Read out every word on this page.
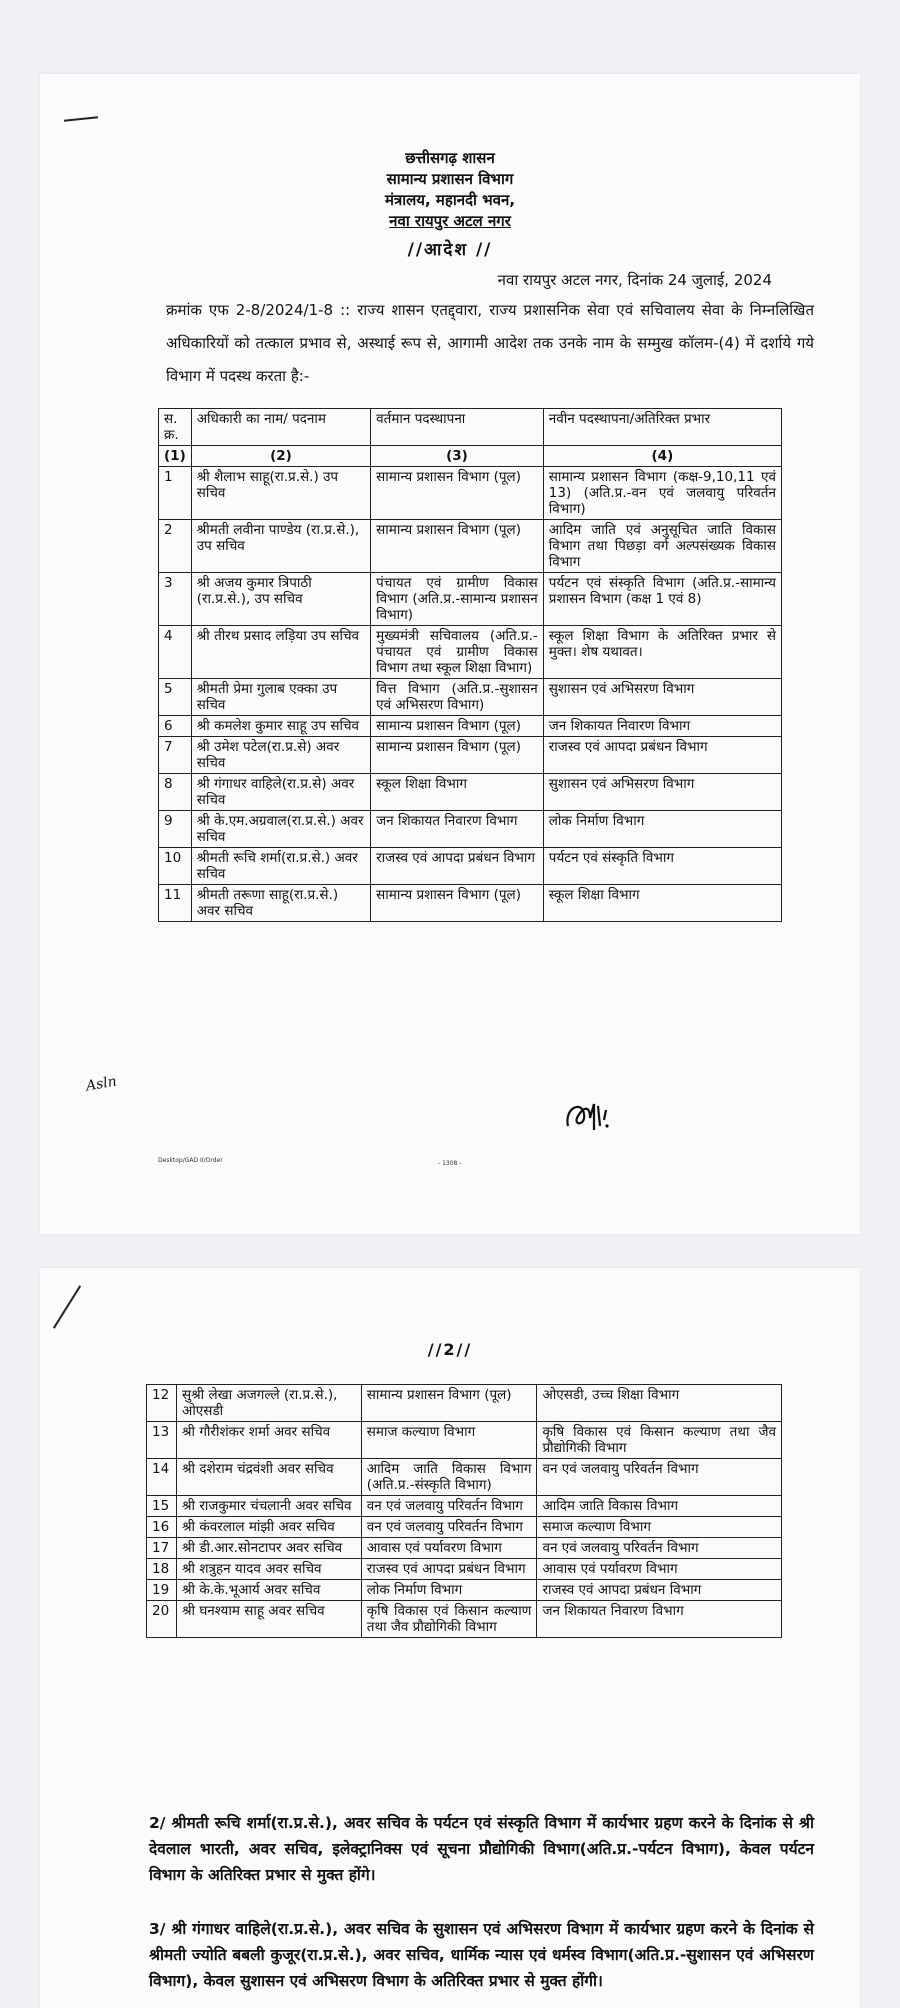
छत्तीसगढ़ शासन
सामान्य प्रशासन विभाग
मंत्रालय, महानदी भवन,
नवा रायपुर अटल नगर
//आदेश //
नवा रायपुर अटल नगर, दिनांक 24 जुलाई, 2024
क्रमांक एफ 2-8/2024/1-8 :: राज्य शासन एतद्द्वारा, राज्य प्रशासनिक सेवा एवं सचिवालय सेवा के निम्नलिखित अधिकारियों को तत्काल प्रभाव से, अस्थाई रूप से, आगामी आदेश तक उनके नाम के सम्मुख कॉलम-(4) में दर्शाये गये विभाग में पदस्थ करता है:-
स. क्र.	अधिकारी का नाम/ पदनाम	वर्तमान पदस्थापना	नवीन पदस्थापना/अतिरिक्त प्रभार
(1)	(2)	(3)	(4)
1	श्री शैलाभ साहू(रा.प्र.से.) उप सचिव	सामान्य प्रशासन विभाग (पूल)	सामान्य प्रशासन विभाग (कक्ष-9,10,11 एवं 13) (अति.प्र.-वन एवं जलवायु परिवर्तन विभाग)
2	श्रीमती लवीना पाण्डेय (रा.प्र.से.), उप सचिव	सामान्य प्रशासन विभाग (पूल)	आदिम जाति एवं अनुसूचित जाति विकास विभाग तथा पिछड़ा वर्ग अल्पसंख्यक विकास विभाग
3	श्री अजय कुमार त्रिपाठी (रा.प्र.से.), उप सचिव	पंचायत एवं ग्रामीण विकास विभाग (अति.प्र.-सामान्य प्रशासन विभाग)	पर्यटन एवं संस्कृति विभाग (अति.प्र.-सामान्य प्रशासन विभाग (कक्ष 1 एवं 8)
4	श्री तीरथ प्रसाद लड़िया उप सचिव	मुख्यमंत्री सचिवालय (अति.प्र.-पंचायत एवं ग्रामीण विकास विभाग तथा स्कूल शिक्षा विभाग)	स्कूल शिक्षा विभाग के अतिरिक्त प्रभार से मुक्त। शेष यथावत।
5	श्रीमती प्रेमा गुलाब एक्का उप सचिव	वित्त विभाग (अति.प्र.-सुशासन एवं अभिसरण विभाग)	सुशासन एवं अभिसरण विभाग
6	श्री कमलेश कुमार साहू उप सचिव	सामान्य प्रशासन विभाग (पूल)	जन शिकायत निवारण विभाग
7	श्री उमेश पटेल(रा.प्र.से) अवर सचिव	सामान्य प्रशासन विभाग (पूल)	राजस्व एवं आपदा प्रबंधन विभाग
8	श्री गंगाधर वाहिले(रा.प्र.से) अवर सचिव	स्कूल शिक्षा विभाग	सुशासन एवं अभिसरण विभाग
9	श्री के.एम.अग्रवाल(रा.प्र.से.) अवर सचिव	जन शिकायत निवारण विभाग	लोक निर्माण विभाग
10	श्रीमती रूचि शर्मा(रा.प्र.से.) अवर सचिव	राजस्व एवं आपदा प्रबंधन विभाग	पर्यटन एवं संस्कृति विभाग
11	श्रीमती तरूणा साहू(रा.प्र.से.) अवर सचिव	सामान्य प्रशासन विभाग (पूल)	स्कूल शिक्षा विभाग
Asln
Desktop/GAD II/Order	- 1308 -
//2//
12	सुश्री लेखा अजगल्ले (रा.प्र.से.), ओएसडी	सामान्य प्रशासन विभाग (पूल)	ओएसडी, उच्च शिक्षा विभाग
13	श्री गौरीशंकर शर्मा अवर सचिव	समाज कल्याण विभाग	कृषि विकास एवं किसान कल्याण तथा जैव प्रौद्योगिकी विभाग
14	श्री दशेराम चंद्रवंशी अवर सचिव	आदिम जाति विकास विभाग (अति.प्र.-संस्कृति विभाग)	वन एवं जलवायु परिवर्तन विभाग
15	श्री राजकुमार चंचलानी अवर सचिव	वन एवं जलवायु परिवर्तन विभाग	आदिम जाति विकास विभाग
16	श्री कंवरलाल मांझी अवर सचिव	वन एवं जलवायु परिवर्तन विभाग	समाज कल्याण विभाग
17	श्री डी.आर.सोनटापर अवर सचिव	आवास एवं पर्यावरण विभाग	वन एवं जलवायु परिवर्तन विभाग
18	श्री शत्रुहन यादव अवर सचिव	राजस्व एवं आपदा प्रबंधन विभाग	आवास एवं पर्यावरण विभाग
19	श्री के.के.भूआर्य अवर सचिव	लोक निर्माण विभाग	राजस्व एवं आपदा प्रबंधन विभाग
20	श्री घनश्याम साहू अवर सचिव	कृषि विकास एवं किसान कल्याण तथा जैव प्रौद्योगिकी विभाग	जन शिकायत निवारण विभाग
2/ श्रीमती रूचि शर्मा(रा.प्र.से.), अवर सचिव के पर्यटन एवं संस्कृति विभाग में कार्यभार ग्रहण करने के दिनांक से श्री देवलाल भारती, अवर सचिव, इलेक्ट्रानिक्स एवं सूचना प्रौद्योगिकी विभाग(अति.प्र.-पर्यटन विभाग), केवल पर्यटन विभाग के अतिरिक्त प्रभार से मुक्त होंगे।
3/ श्री गंगाधर वाहिले(रा.प्र.से.), अवर सचिव के सुशासन एवं अभिसरण विभाग में कार्यभार ग्रहण करने के दिनांक से श्रीमती ज्योति बबली कुजूर(रा.प्र.से.), अवर सचिव, धार्मिक न्यास एवं धर्मस्व विभाग(अति.प्र.-सुशासन एवं अभिसरण विभाग), केवल सुशासन एवं अभिसरण विभाग के अतिरिक्त प्रभार से मुक्त होंगी।
